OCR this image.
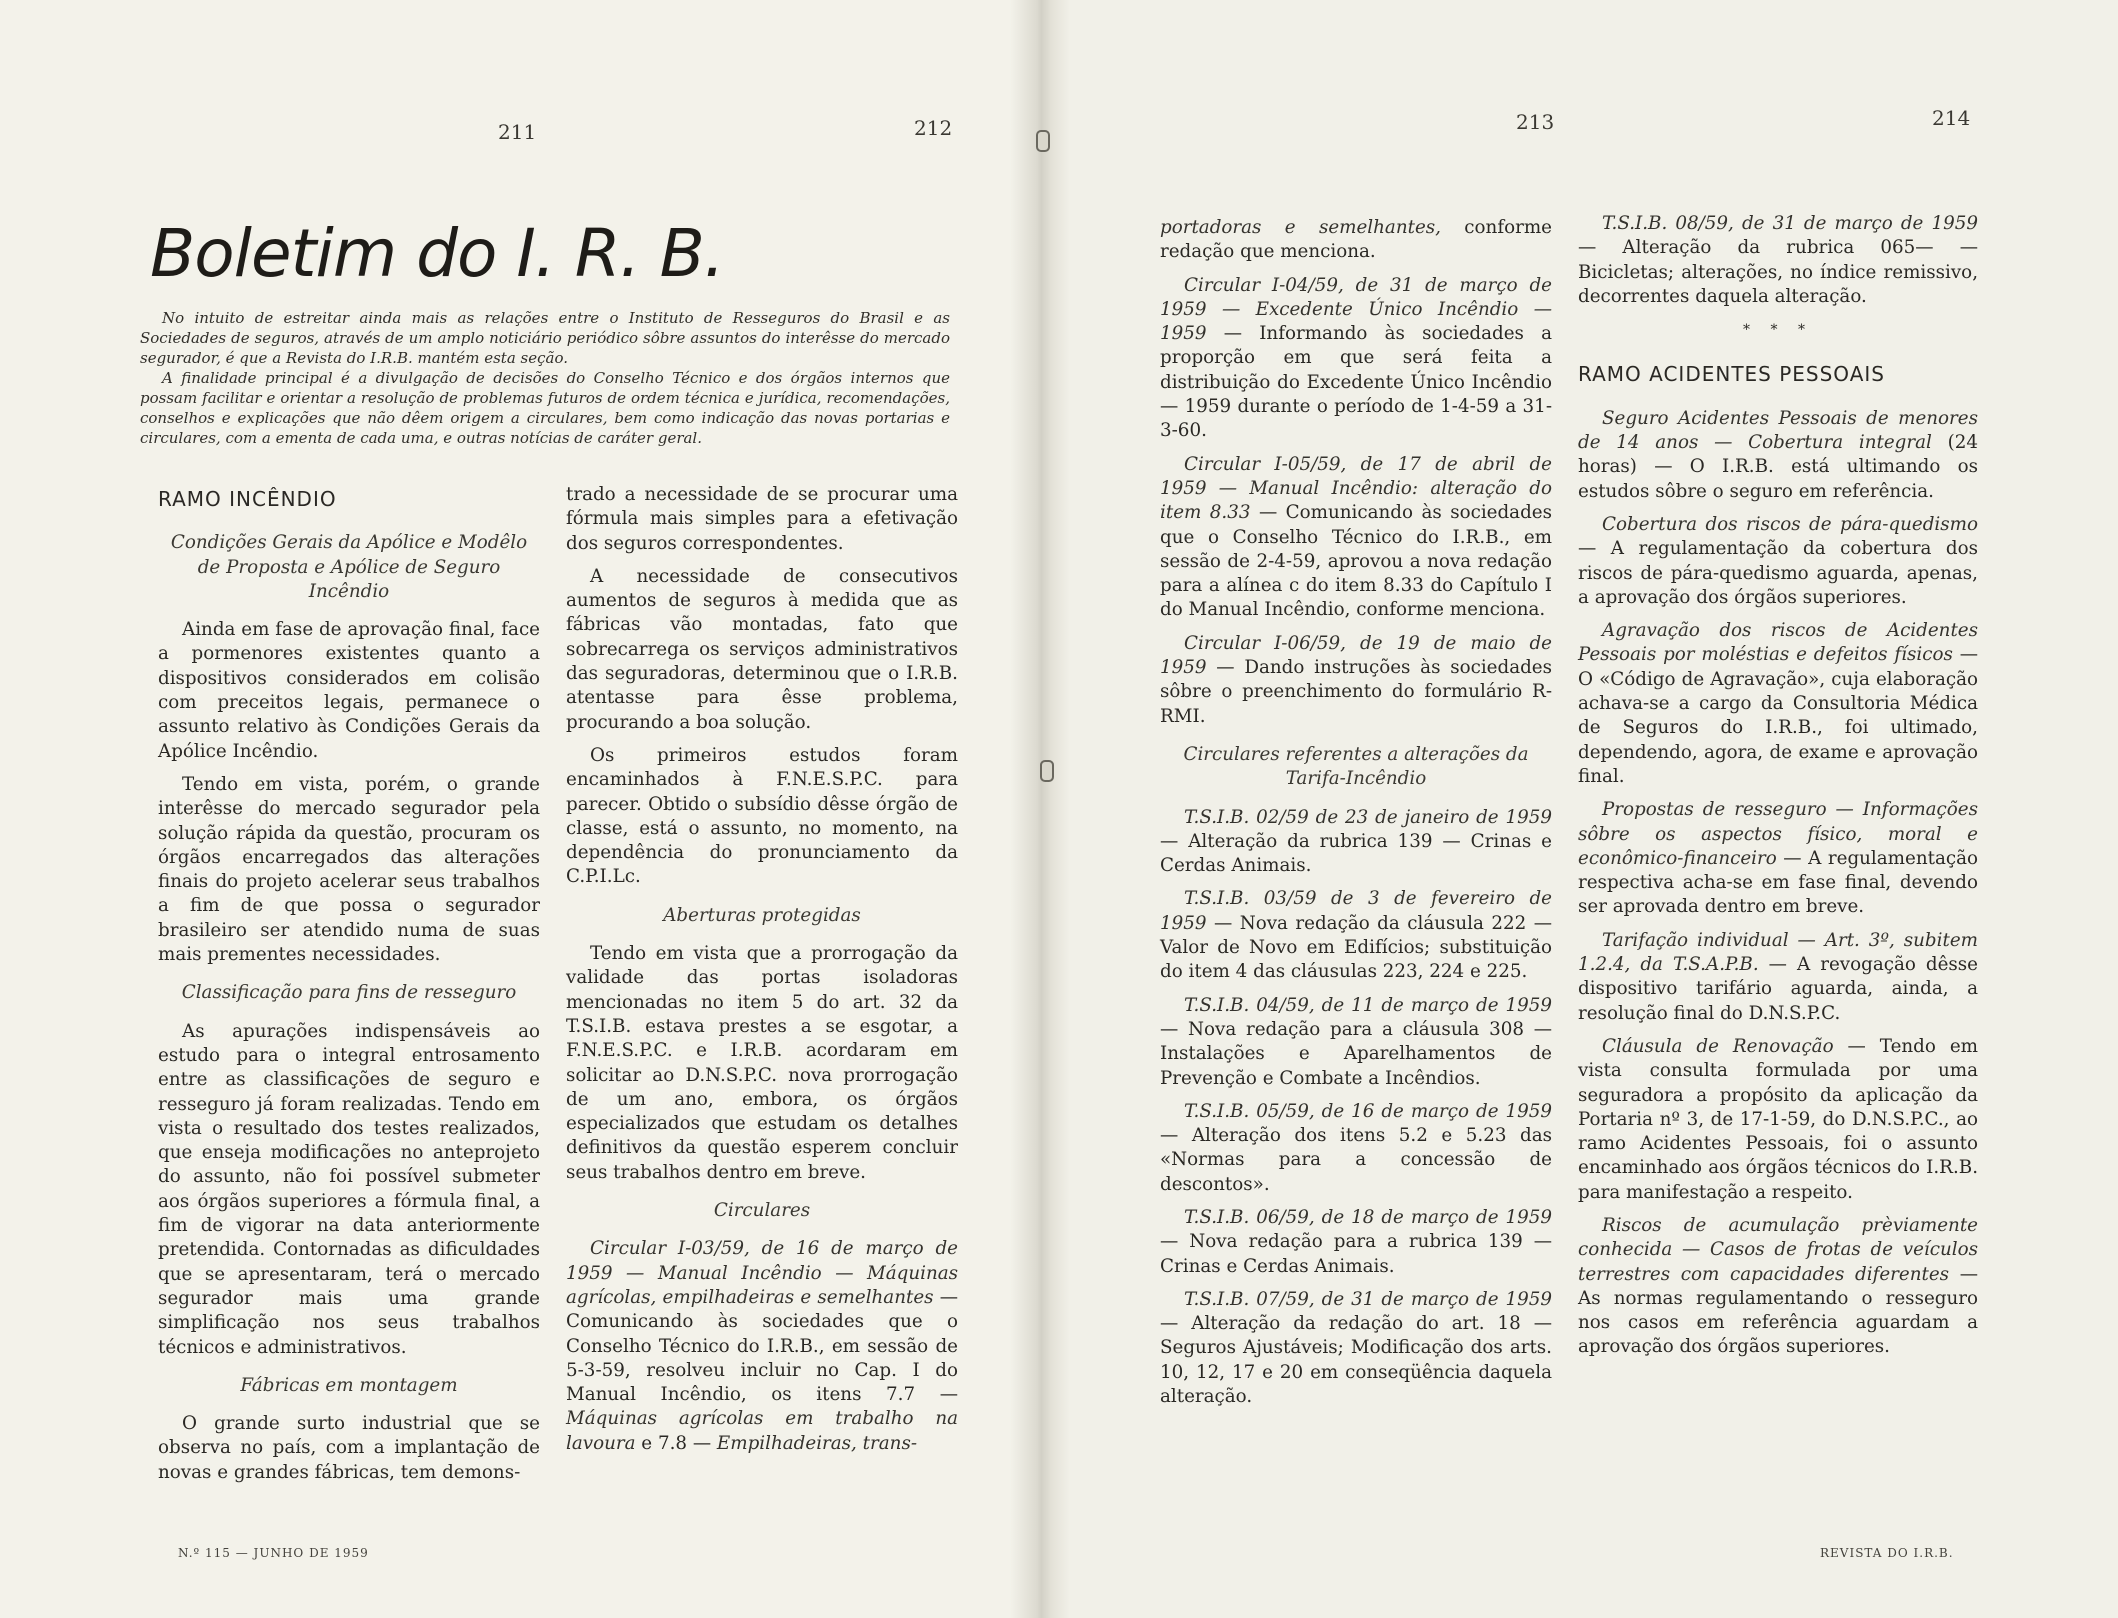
211	212	213	214
Boletim do I. R. B.

No intuito de estreitar ainda mais as relações entre o Instituto de Resseguros do Brasil e as Sociedades de seguros, através de um amplo noticiário periódico sôbre assuntos do interêsse do mercado segurador, é que a Revista do I.R.B. mantém esta seção.

A finalidade principal é a divulgação de decisões do Conselho Técnico e dos órgãos internos que possam facilitar e orientar a resolução de problemas futuros de ordem técnica e jurídica, recomendações, conselhos e explicações que não dêem origem a circulares, bem como indicação das novas portarias e circulares, com a ementa de cada uma, e outras notícias de caráter geral.

RAMO INCÊNDIO

Condições Gerais da Apólice e Modêlo de Proposta e Apólice de Seguro Incêndio

Ainda em fase de aprovação final, face a pormenores existentes quanto a dispositivos considerados em colisão com preceitos legais, permanece o assunto relativo às Condições Gerais da Apólice Incêndio.

Tendo em vista, porém, o grande interêsse do mercado segurador pela solução rápida da questão, procuram os órgãos encarregados das alterações finais do projeto acelerar seus trabalhos a fim de que possa o segurador brasileiro ser atendido numa de suas mais prementes necessidades.

Classificação para fins de resseguro

As apurações indispensáveis ao estudo para o integral entrosamento entre as classificações de seguro e resseguro já foram realizadas. Tendo em vista o resultado dos testes realizados, que enseja modificações no anteprojeto do assunto, não foi possível submeter aos órgãos superiores a fórmula final, a fim de vigorar na data anteriormente pretendida. Contornadas as dificuldades que se apresentaram, terá o mercado segurador mais uma grande simplificação nos seus trabalhos técnicos e administrativos.

Fábricas em montagem

O grande surto industrial que se observa no país, com a implantação de novas e grandes fábricas, tem demons-

trado a necessidade de se procurar uma fórmula mais simples para a efetivação dos seguros correspondentes.

A necessidade de consecutivos aumentos de seguros à medida que as fábricas vão montadas, fato que sobrecarrega os serviços administrativos das seguradoras, determinou que o I.R.B. atentasse para êsse problema, procurando a boa solução.

Os primeiros estudos foram encaminhados à F.N.E.S.P.C. para parecer. Obtido o subsídio dêsse órgão de classe, está o assunto, no momento, na dependência do pronunciamento da C.P.I.Lc.

Aberturas protegidas

Tendo em vista que a prorrogação da validade das portas isoladoras mencionadas no item 5 do art. 32 da T.S.I.B. estava prestes a se esgotar, a F.N.E.S.P.C. e I.R.B. acordaram em solicitar ao D.N.S.P.C. nova prorrogação de um ano, embora, os órgãos especializados que estudam os detalhes definitivos da questão esperem concluir seus trabalhos dentro em breve.

Circulares

Circular I-03/59, de 16 de março de 1959 — Manual Incêndio — Máquinas agrícolas, empilhadeiras e semelhantes — Comunicando às sociedades que o Conselho Técnico do I.R.B., em sessão de 5-3-59, resolveu incluir no Cap. I do Manual Incêndio, os itens 7.7 — Máquinas agrícolas em trabalho na lavoura e 7.8 — Empilhadeiras, trans-

portadoras e semelhantes, conforme redação que menciona.

Circular I-04/59, de 31 de março de 1959 — Excedente Único Incêndio — 1959 — Informando às sociedades a proporção em que será feita a distribuição do Excedente Único Incêndio — 1959 durante o período de 1-4-59 a 31-3-60.

Circular I-05/59, de 17 de abril de 1959 — Manual Incêndio: alteração do item 8.33 — Comunicando às sociedades que o Conselho Técnico do I.R.B., em sessão de 2-4-59, aprovou a nova redação para a alínea c do item 8.33 do Capítulo I do Manual Incêndio, conforme menciona.

Circular I-06/59, de 19 de maio de 1959 — Dando instruções às sociedades sôbre o preenchimento do formulário R-RMI.

Circulares referentes a alterações da Tarifa-Incêndio

T.S.I.B. 02/59 de 23 de janeiro de 1959 — Alteração da rubrica 139 — Crinas e Cerdas Animais.

T.S.I.B. 03/59 de 3 de fevereiro de 1959 — Nova redação da cláusula 222 — Valor de Novo em Edifícios; substituição do item 4 das cláusulas 223, 224 e 225.

T.S.I.B. 04/59, de 11 de março de 1959 — Nova redação para a cláusula 308 — Instalações e Aparelhamentos de Prevenção e Combate a Incêndios.

T.S.I.B. 05/59, de 16 de março de 1959 — Alteração dos itens 5.2 e 5.23 das «Normas para a concessão de descontos».

T.S.I.B. 06/59, de 18 de março de 1959 — Nova redação para a rubrica 139 — Crinas e Cerdas Animais.

T.S.I.B. 07/59, de 31 de março de 1959 — Alteração da redação do art. 18 — Seguros Ajustáveis; Modificação dos arts. 10, 12, 17 e 20 em conseqüência daquela alteração.

T.S.I.B. 08/59, de 31 de março de 1959 — Alteração da rubrica 065— — Bicicletas; alterações, no índice remissivo, decorrentes daquela alteração.

* * *

RAMO ACIDENTES PESSOAIS

Seguro Acidentes Pessoais de menores de 14 anos — Cobertura integral (24 horas) — O I.R.B. está ultimando os estudos sôbre o seguro em referência.

Cobertura dos riscos de pára-quedismo — A regulamentação da cobertura dos riscos de pára-quedismo aguarda, apenas, a aprovação dos órgãos superiores.

Agravação dos riscos de Acidentes Pessoais por moléstias e defeitos físicos — O «Código de Agravação», cuja elaboração achava-se a cargo da Consultoria Médica de Seguros do I.R.B., foi ultimado, dependendo, agora, de exame e aprovação final.

Propostas de resseguro — Informações sôbre os aspectos físico, moral e econômico-financeiro — A regulamentação respectiva acha-se em fase final, devendo ser aprovada dentro em breve.

Tarifação individual — Art. 3º, subitem 1.2.4, da T.S.A.P.B. — A revogação dêsse dispositivo tarifário aguarda, ainda, a resolução final do D.N.S.P.C.

Cláusula de Renovação — Tendo em vista consulta formulada por uma seguradora a propósito da aplicação da Portaria nº 3, de 17-1-59, do D.N.S.P.C., ao ramo Acidentes Pessoais, foi o assunto encaminhado aos órgãos técnicos do I.R.B. para manifestação a respeito.

Riscos de acumulação prèviamente conhecida — Casos de frotas de veículos terrestres com capacidades diferentes — As normas regulamentando o resseguro nos casos em referência aguardam a aprovação dos órgãos superiores.

N.º 115 — JUNHO DE 1959	REVISTA DO I.R.B.
